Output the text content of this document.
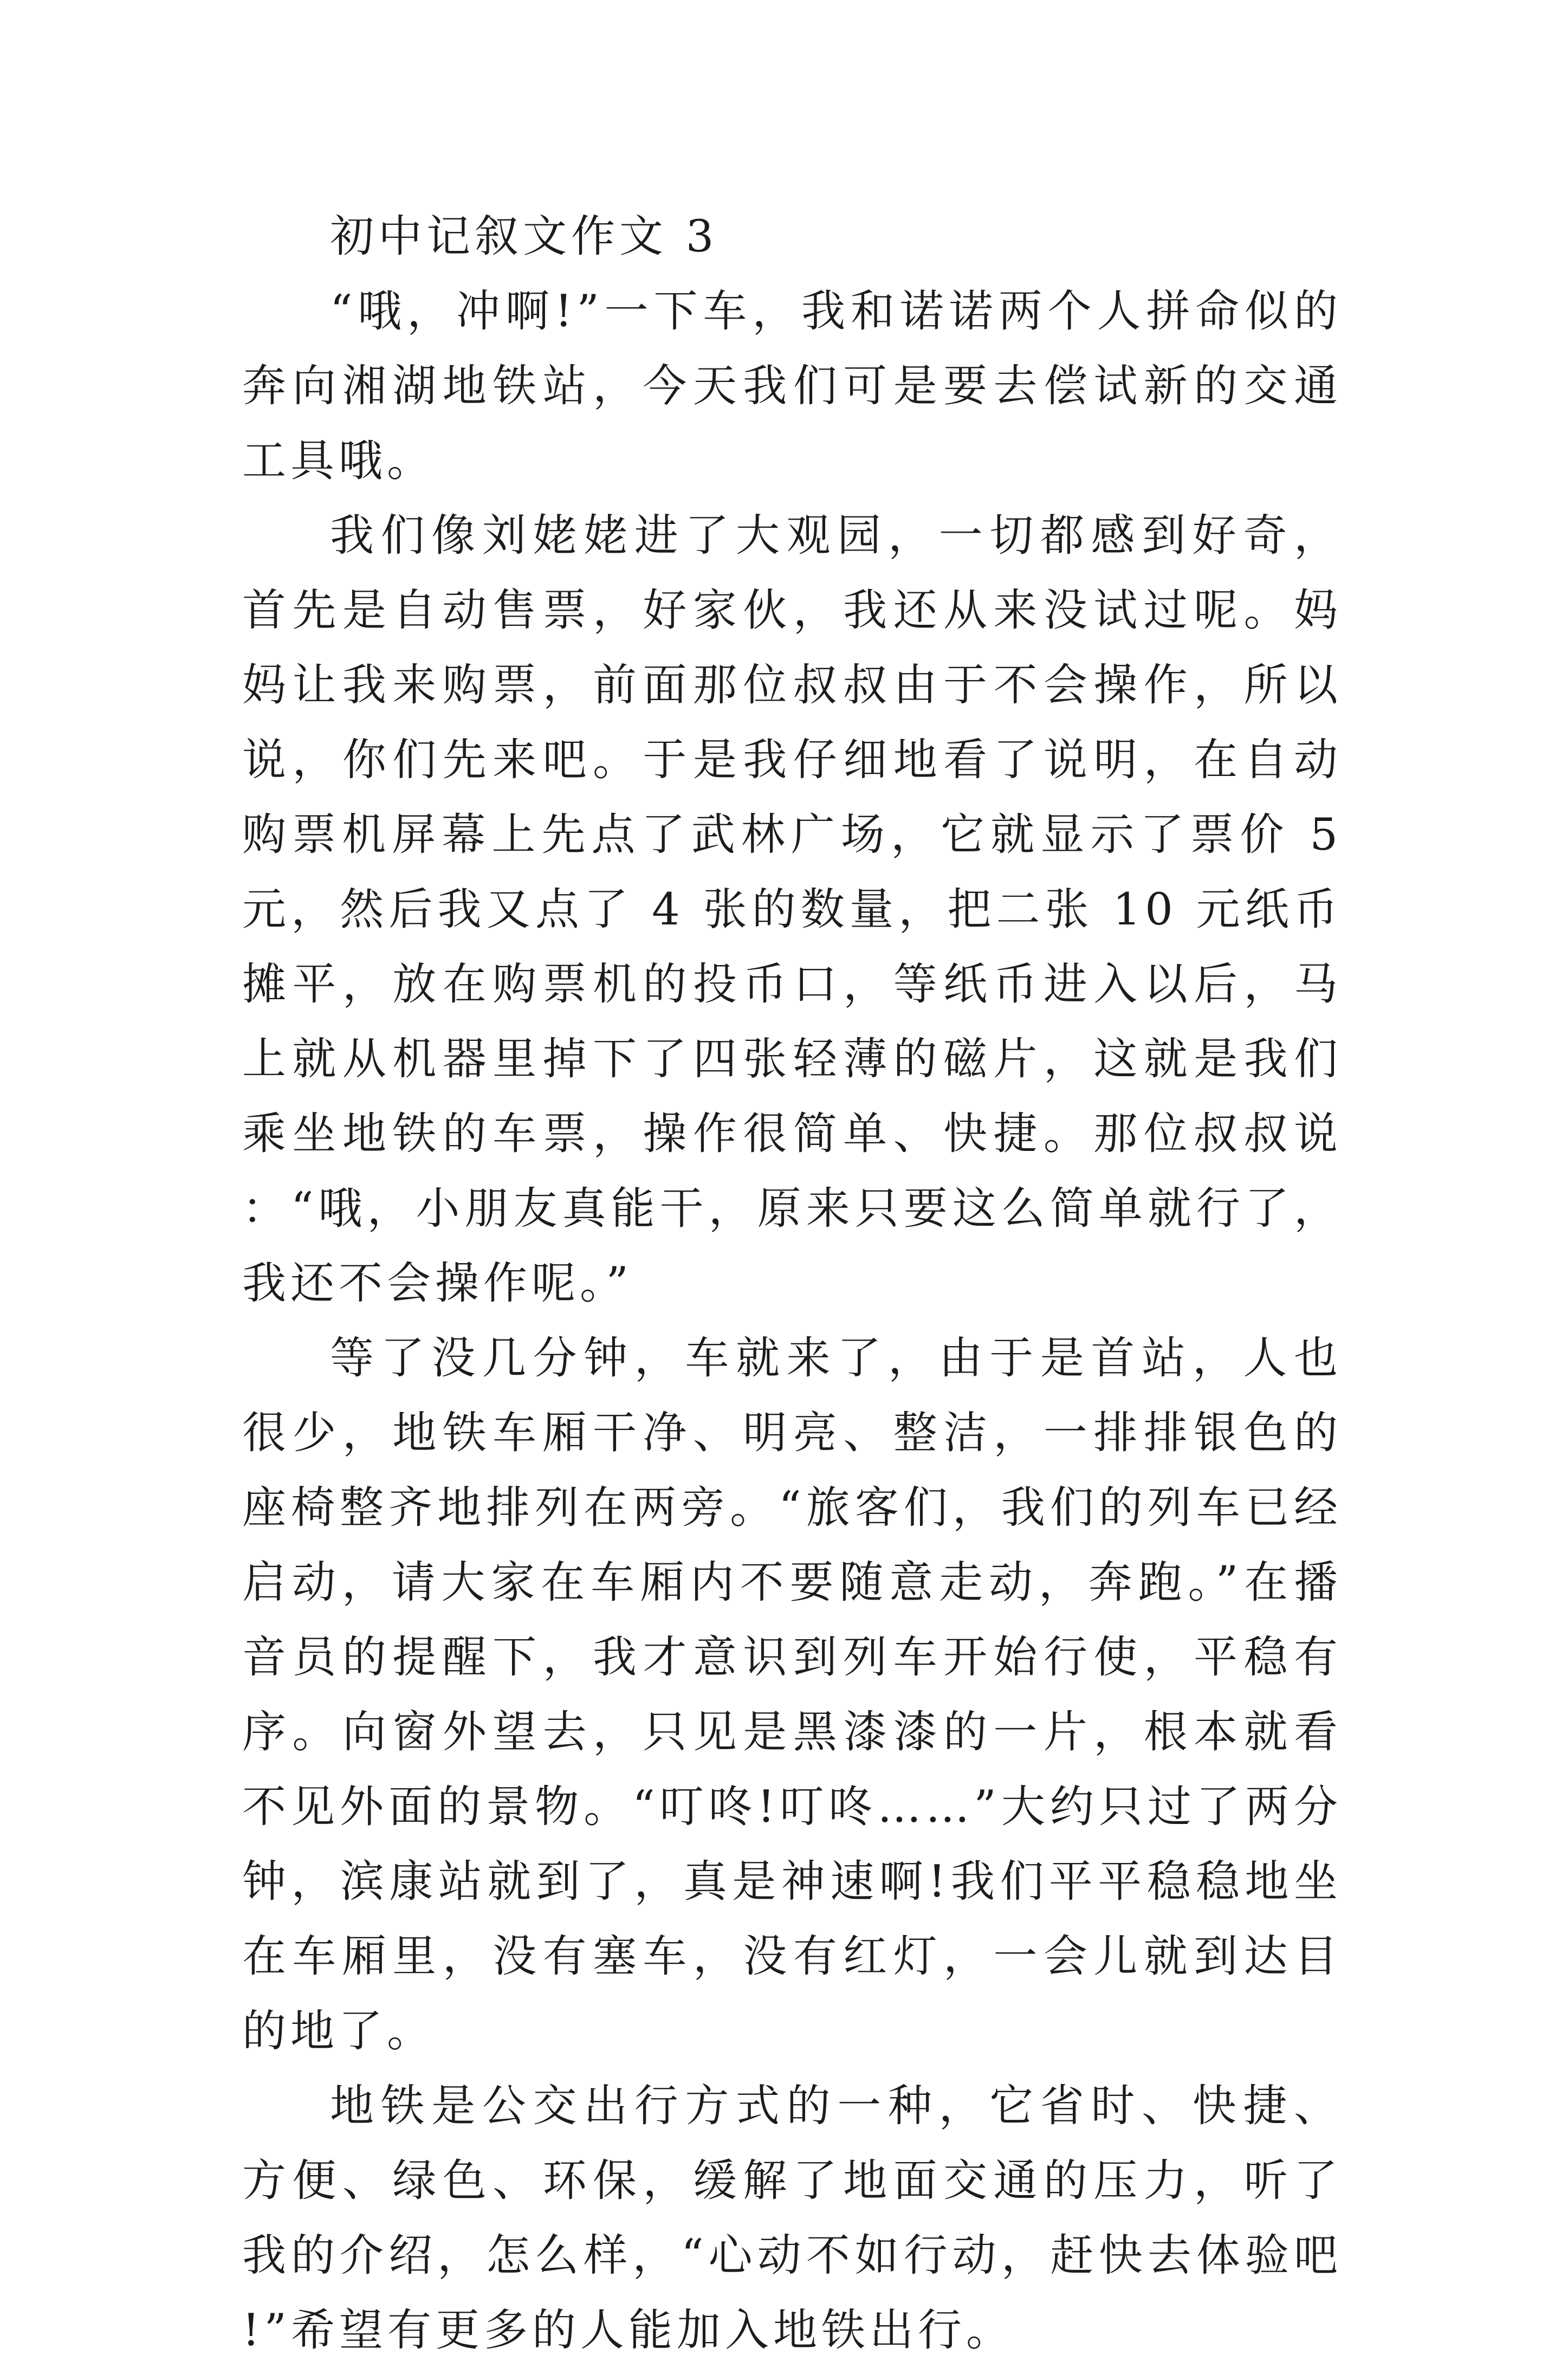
初中记叙文作文 3

“哦，冲啊!”一下车，我和诺诺两个人拼命似的奔向湘湖地铁站，今天我们可是要去偿试新的交通工具哦。

我们像刘姥姥进了大观园，一切都感到好奇，首先是自动售票，好家伙，我还从来没试过呢。妈妈让我来购票，前面那位叔叔由于不会操作，所以说，你们先来吧。于是我仔细地看了说明，在自动购票机屏幕上先点了武林广场，它就显示了票价 5 元，然后我又点了 4 张的数量，把二张 10 元纸币摊平，放在购票机的投币口，等纸币进入以后，马上就从机器里掉下了四张轻薄的磁片，这就是我们乘坐地铁的车票，操作很简单、快捷。那位叔叔说：“哦，小朋友真能干，原来只要这么简单就行了，我还不会操作呢。”

等了没几分钟，车就来了，由于是首站，人也很少，地铁车厢干净、明亮、整洁，一排排银色的座椅整齐地排列在两旁。“旅客们，我们的列车已经启动，请大家在车厢内不要随意走动，奔跑。”在播音员的提醒下，我才意识到列车开始行使，平稳有序。向窗外望去，只见是黑漆漆的一片，根本就看不见外面的景物。“叮咚!叮咚……”大约只过了两分钟，滨康站就到了，真是神速啊!我们平平稳稳地坐在车厢里，没有塞车，没有红灯，一会儿就到达目的地了。

地铁是公交出行方式的一种，它省时、快捷、方便、绿色、环保，缓解了地面交通的压力，听了我的介绍，怎么样，“心动不如行动，赶快去体验吧!”希望有更多的人能加入地铁出行。
